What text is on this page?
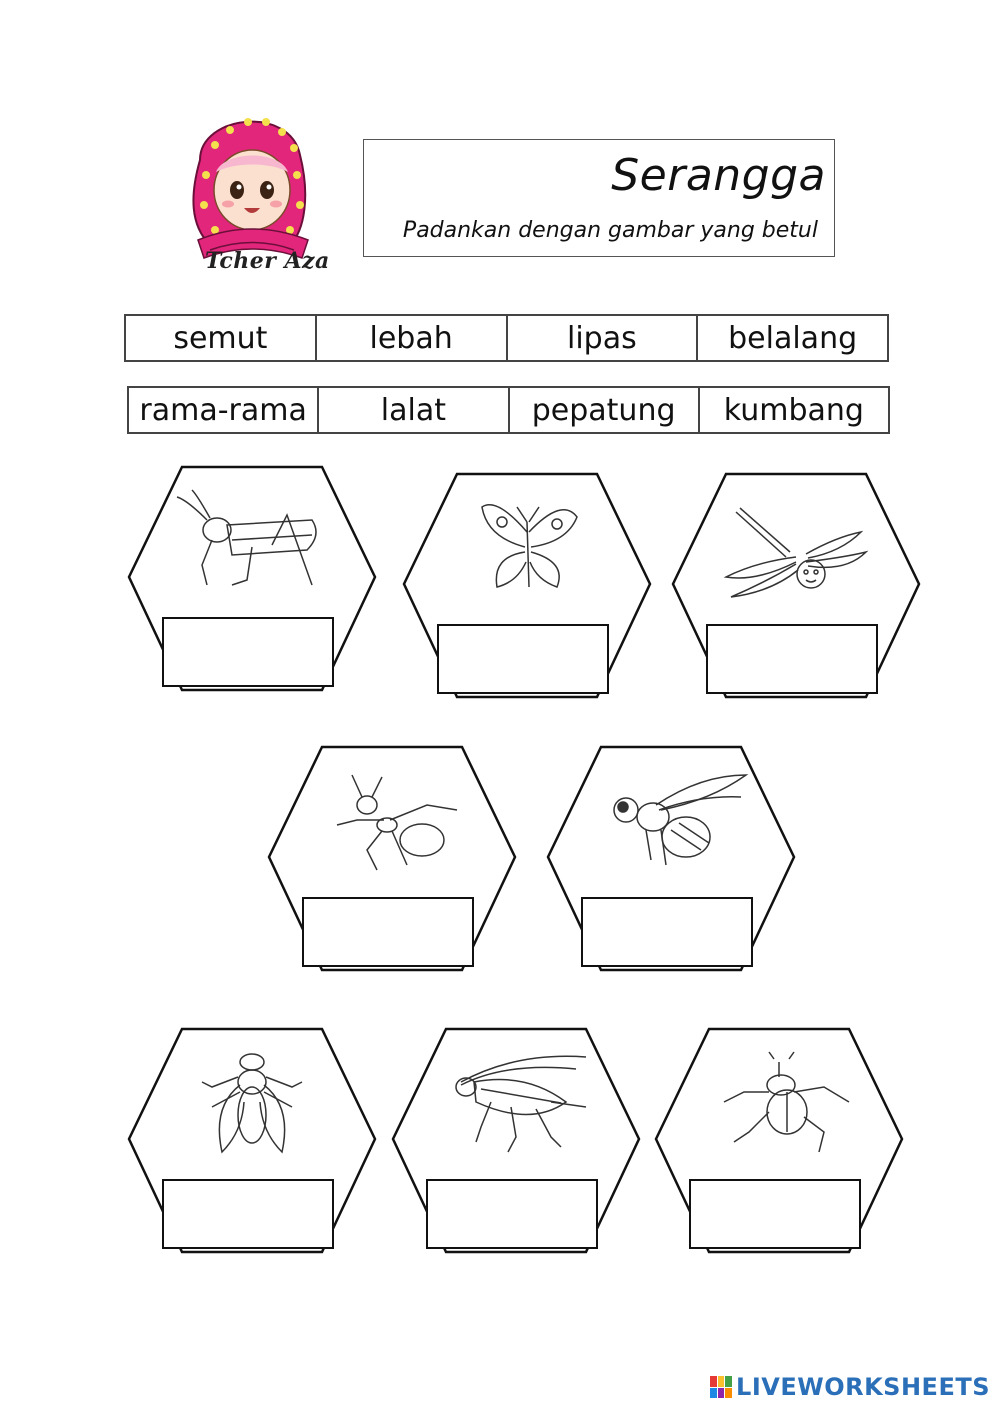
Tcher Aza
Serangga
Padankan dengan gambar yang betul
semut	lebah	lipas	belalang
rama-rama	lalat	pepatung	kumbang
LIVEWORKSHEETS
